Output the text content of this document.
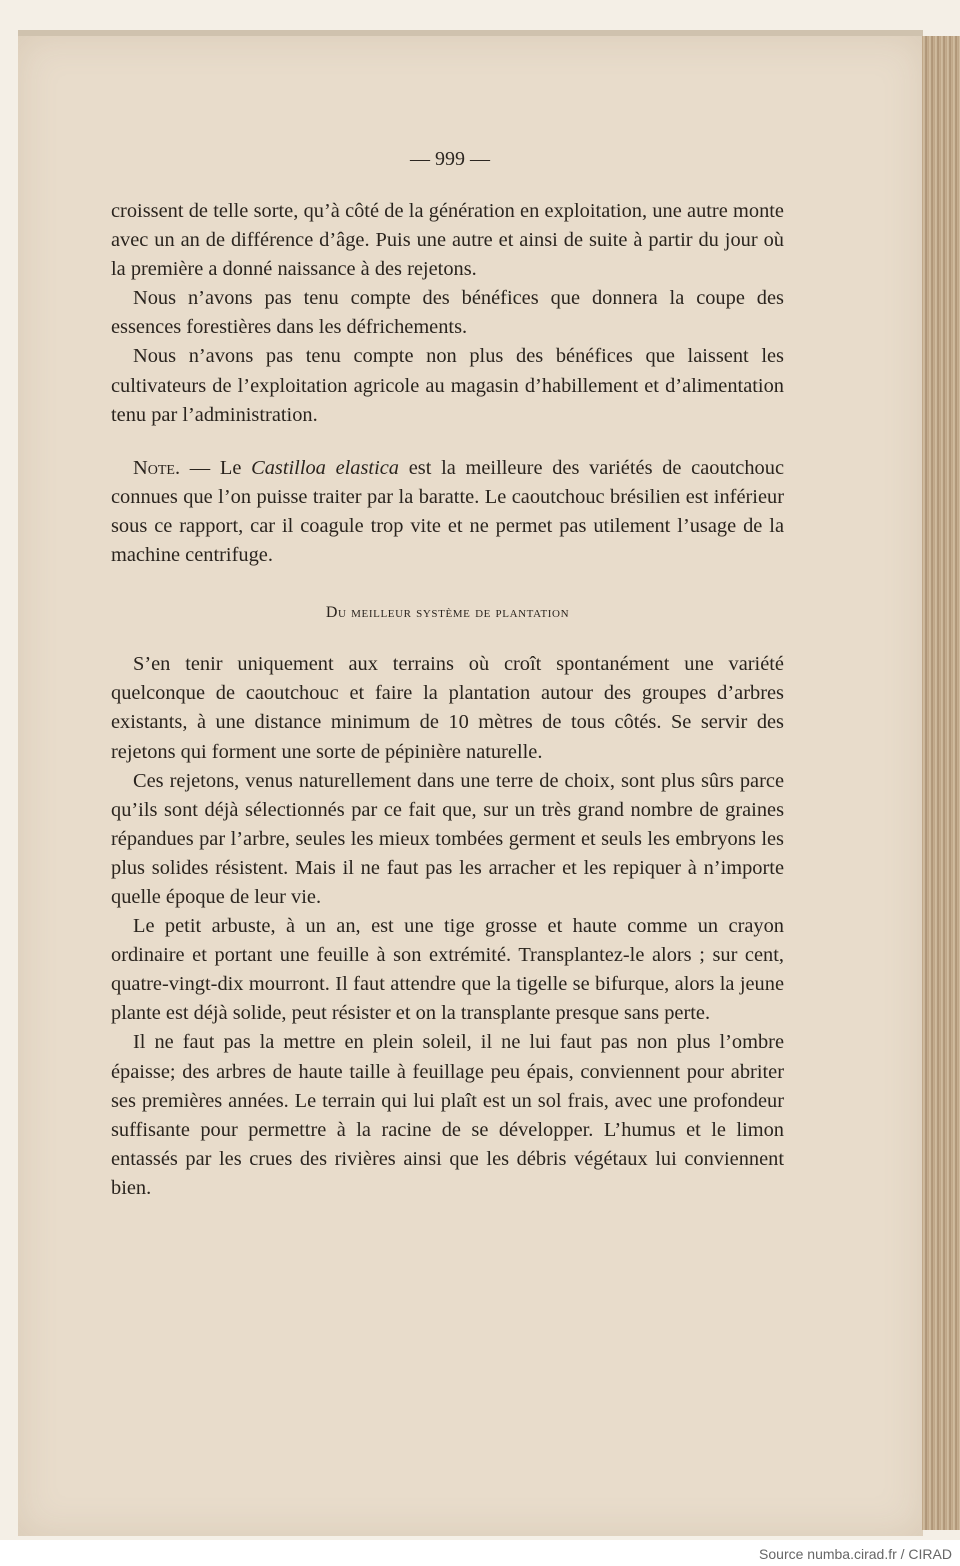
— 999 —

croissent de telle sorte, qu’à côté de la génération en exploitation, une autre monte avec un an de différence d’âge. Puis une autre et ainsi de suite à partir du jour où la première a donné naissance à des rejetons.

Nous n’avons pas tenu compte des bénéfices que donnera la coupe des essences forestières dans les défrichements.

Nous n’avons pas tenu compte non plus des bénéfices que laissent les cultivateurs de l’exploitation agricole au magasin d’habillement et d’alimentation tenu par l’administration.

Note. — Le Castilloa elastica est la meilleure des variétés de caoutchouc connues que l’on puisse traiter par la baratte. Le caoutchouc brésilien est inférieur sous ce rapport, car il coagule trop vite et ne permet pas utilement l’usage de la machine centrifuge.

Du meilleur système de plantation

S’en tenir uniquement aux terrains où croît spontanément une variété quelconque de caoutchouc et faire la plantation autour des groupes d’arbres existants, à une distance minimum de 10 mètres de tous côtés. Se servir des rejetons qui forment une sorte de pépinière naturelle.

Ces rejetons, venus naturellement dans une terre de choix, sont plus sûrs parce qu’ils sont déjà sélectionnés par ce fait que, sur un très grand nombre de graines répandues par l’arbre, seules les mieux tombées germent et seuls les embryons les plus solides résistent. Mais il ne faut pas les arracher et les repiquer à n’importe quelle époque de leur vie.

Le petit arbuste, à un an, est une tige grosse et haute comme un crayon ordinaire et portant une feuille à son extrémité. Transplantez-le alors ; sur cent, quatre-vingt-dix mourront. Il faut attendre que la tigelle se bifurque, alors la jeune plante est déjà solide, peut résister et on la transplante presque sans perte.

Il ne faut pas la mettre en plein soleil, il ne lui faut pas non plus l’ombre épaisse; des arbres de haute taille à feuillage peu épais, conviennent pour abriter ses premières années. Le terrain qui lui plaît est un sol frais, avec une profondeur suffisante pour permettre à la racine de se développer. L’humus et le limon entassés par les crues des rivières ainsi que les débris végétaux lui conviennent bien.

Source numba.cirad.fr / CIRAD
